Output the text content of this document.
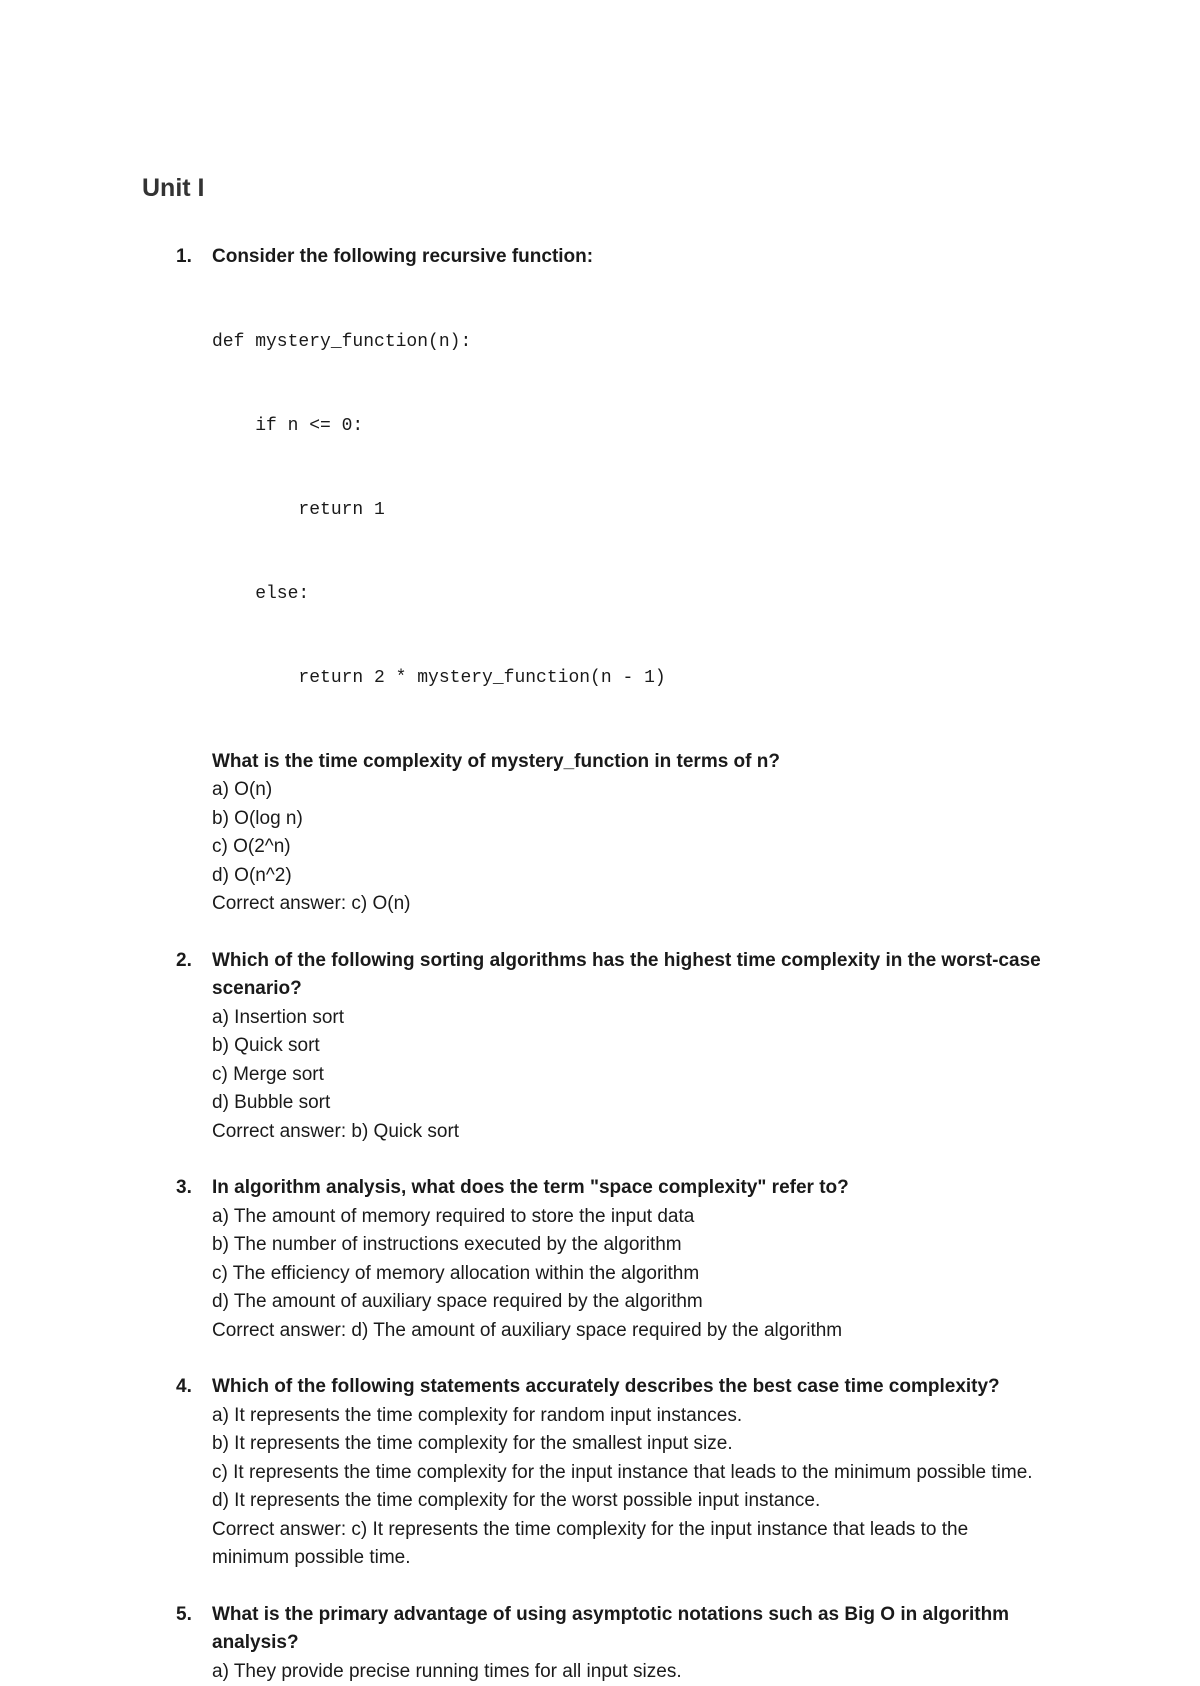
Unit I
1. Consider the following recursive function:

def mystery_function(n):

if n <= 0:

return 1

else:

return 2 * mystery_function(n - 1)

What is the time complexity of mystery_function in terms of n?

a) O(n)
b) O(log n)
c) O(2^n)
d) O(n^2)
Correct answer: c) O(n)
2. Which of the following sorting algorithms has the highest time complexity in the worst-case scenario?

a) Insertion sort
b) Quick sort
c) Merge sort
d) Bubble sort
Correct answer: b) Quick sort
3. In algorithm analysis, what does the term "space complexity" refer to?

a) The amount of memory required to store the input data
b) The number of instructions executed by the algorithm
c) The efficiency of memory allocation within the algorithm
d) The amount of auxiliary space required by the algorithm
Correct answer: d) The amount of auxiliary space required by the algorithm
4. Which of the following statements accurately describes the best case time complexity?

a) It represents the time complexity for random input instances.
b) It represents the time complexity for the smallest input size.
c) It represents the time complexity for the input instance that leads to the minimum possible time.
d) It represents the time complexity for the worst possible input instance.
Correct answer: c) It represents the time complexity for the input instance that leads to the minimum possible time.
5. What is the primary advantage of using asymptotic notations such as Big O in algorithm analysis?

a) They provide precise running times for all input sizes.
